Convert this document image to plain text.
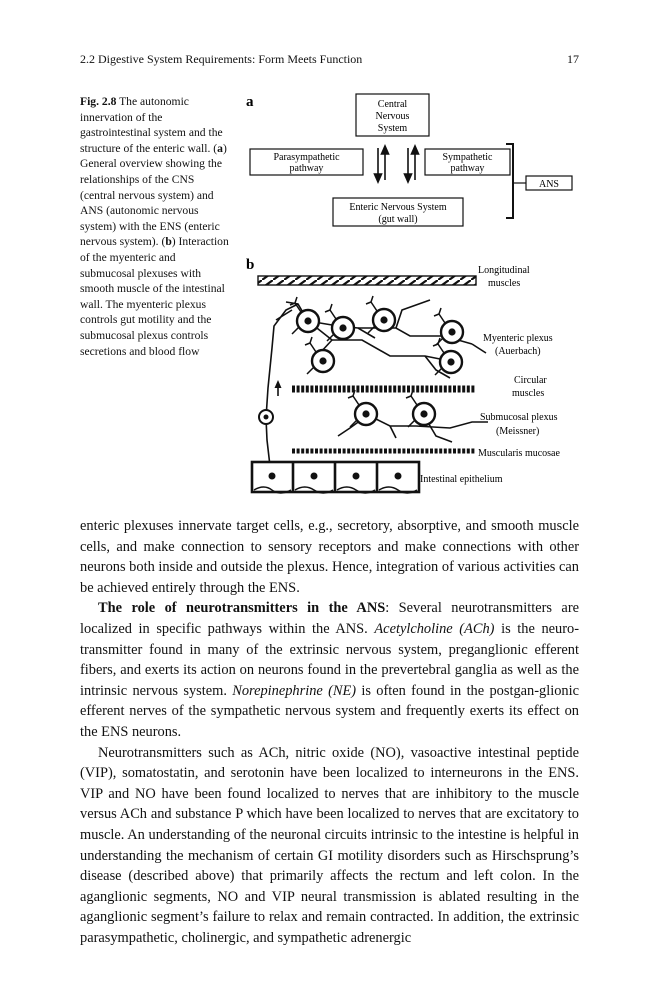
2.2 Digestive System Requirements: Form Meets Function	17
Fig. 2.8 The autonomic innervation of the gastrointestinal system and the structure of the enteric wall. (a) General overview showing the relationships of the CNS (central nervous system) and ANS (autonomic nervous system) with the ENS (enteric nervous system). (b) Interaction of the myenteric and submucosal plexuses with smooth muscle of the intestinal wall. The myenteric plexus controls gut motility and the submucosal plexus controls secretions and blood flow
a	Central
Nervous
System
Parasympathetic
pathway
Sympathetic
pathway
Enteric Nervous System
(gut wall)
ANS
b	Longitudinal
muscles
Myenteric plexus
(Auerbach)
Circular
muscles
Submucosal plexus
(Meissner)
Muscularis mucosae
Intestinal epithelium

enteric plexuses innervate target cells, e.g., secretory, absorptive, and smooth muscle cells, and make connection to sensory receptors and make connections with other neurons both inside and outside the plexus. Hence, integration of various activities can be achieved entirely through the ENS.

The role of neurotransmitters in the ANS: Several neurotransmitters are localized in specific pathways within the ANS. Acetylcholine (ACh) is the neuro-transmitter found in many of the extrinsic nervous system, preganglionic efferent fibers, and exerts its action on neurons found in the prevertebral ganglia as well as the intrinsic nervous system. Norepinephrine (NE) is often found in the postgan-glionic efferent nerves of the sympathetic nervous system and frequently exerts its effect on the ENS neurons.

Neurotransmitters such as ACh, nitric oxide (NO), vasoactive intestinal peptide (VIP), somatostatin, and serotonin have been localized to interneurons in the ENS. VIP and NO have been found localized to nerves that are inhibitory to the muscle versus ACh and substance P which have been localized to nerves that are excitatory to muscle. An understanding of the neuronal circuits intrinsic to the intestine is helpful in understanding the mechanism of certain GI motility disorders such as Hirschsprung’s disease (described above) that primarily affects the rectum and left colon. In the aganglionic segments, NO and VIP neural transmission is ablated resulting in the aganglionic segment’s failure to relax and remain contracted. In addition, the extrinsic parasympathetic, cholinergic, and sympathetic adrenergic
